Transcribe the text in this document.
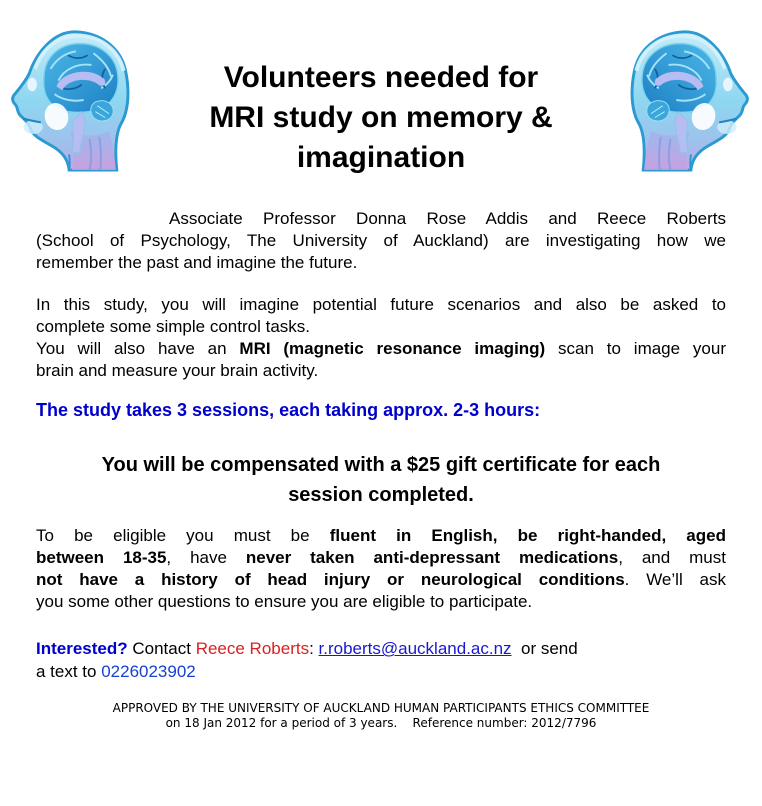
Volunteers needed for
MRI study on memory &
imagination
Associate Professor Donna Rose Addis and Reece Roberts
(School of Psychology, The University of Auckland) are investigating how we
remember the past and imagine the future.
In this study, you will imagine potential future scenarios and also be asked to
complete some simple control tasks.
You will also have an MRI (magnetic resonance imaging) scan to image your
brain and measure your brain activity.
The study takes 3 sessions, each taking approx. 2-3 hours:
You will be compensated with a $25 gift certificate for each
session completed.
To be eligible you must be fluent in English, be right-handed, aged
between 18-35, have never taken anti-depressant medications, and must
not have a history of head injury or neurological conditions. We’ll ask
you some other questions to ensure you are eligible to participate.
Interested? Contact Reece Roberts: r.roberts@auckland.ac.nz  or send
a text to 0226023902
APPROVED BY THE UNIVERSITY OF AUCKLAND HUMAN PARTICIPANTS ETHICS COMMITTEE
on 18 Jan 2012 for a period of 3 years.    Reference number: 2012/7796
